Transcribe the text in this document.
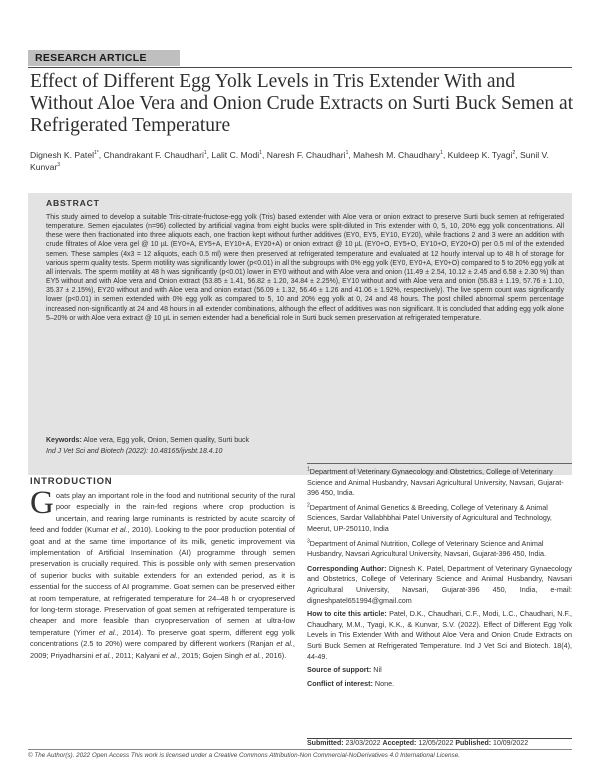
RESEARCH ARTICLE
Effect of Different Egg Yolk Levels in Tris Extender With and Without Aloe Vera and Onion Crude Extracts on Surti Buck Semen at Refrigerated Temperature
Dignesh K. Patel$^{1*}$, Chandrakant F. Chaudhari$^1$, Lalit C. Modi$^1$, Naresh F. Chaudhari$^1$, Mahesh M. Chaudhary$^1$, Kuldeep K. Tyagi$^2$, Sunil V. Kunvar$^3$
ABSTRACT
This study aimed to develop a suitable Tris-citrate-fructose-egg yolk (Tris) based extender with Aloe vera or onion extract to preserve Surti buck semen at refrigerated temperature. Semen ejaculates (n=96) collected by artificial vagina from eight bucks were split-diluted in Tris extender with 0, 5, 10, 20% egg yolk concentrations. All these were then fractionated into three aliquots each, one fraction kept without further additives (EY0, EY5, EY10, EY20), while fractions 2 and 3 were an addition with crude filtrates of Aloe vera gel @ 10 µL (EY0+A, EY5+A, EY10+A, EY20+A) or onion extract @ 10 µL (EY0+O, EY5+O, EY10+O, EY20+O) per 0.5 ml of the extended semen. These samples (4x3 = 12 aliquots, each 0.5 ml) were then preserved at refrigerated temperature and evaluated at 12 hourly interval up to 48 h of storage for various sperm quality tests. Sperm motility was significantly lower (p<0.01) in all the subgroups with 0% egg yolk (EY0, EY0+A, EY0+O) compared to 5 to 20% egg yolk at all intervals. The sperm motility at 48 h was significantly (p<0.01) lower in EY0 without and with Aloe vera and onion (11.49 ± 2.54, 10.12 ± 2.45 and 6.58 ± 2.30 %) than EY5 without and with Aloe vera and Onion extract (53.85 ± 1.41, 56.82 ± 1.20, 34.84 ± 2.25%), EY10 without and with Aloe vera and onion (55.83 ± 1.19, 57.76 ± 1.10, 35.37 ± 2.15%), EY20 without and with Aloe vera and onion extact (56.09 ± 1.32, 56.46 ± 1.26 and 41.06 ± 1.92%, respectively). The live sperm count was significantly lower (p<0.01) in semen extended with 0% egg yolk as compared to 5, 10 and 20% egg yolk at 0, 24 and 48 hours. The post chilled abnormal sperm percentage increased non-significantly at 24 and 48 hours in all extender combinations, although the effect of additives was non significant. It is concluded that adding egg yolk alone 5–20% or with Aloe vera extract @ 10 µL in semen extender had a beneficial role in Surti buck semen preservation at refrigerated temperature.
Keywords: Aloe vera, Egg yolk, Onion, Semen quality, Surti buck
Ind J Vet Sci and Biotech (2022): 10.48165/ijvsbt.18.4.10
INTRODUCTION
Goats play an important role in the food and nutritional security of the rural poor especially in the rain-fed regions where crop production is uncertain, and rearing large ruminants is restricted by acute scarcity of feed and fodder (Kumar et al., 2010). Looking to the poor production potential of goat and at the same time importance of its milk, genetic improvement via implementation of Artificial Insemination (AI) programme through semen preservation is crucially required. This is possible only with semen preservation of superior bucks with suitable extenders for an extended period, as it is essential for the success of AI programme. Goat semen can be preserved either at room temperature, at refrigerated temperature for 24–48 h or cryopreserved for long-term storage. Preservation of goat semen at refrigerated temperature is cheaper and more feasible than cryopreservation of semen at ultra-low temperature (Yimer et al., 2014). To preserve goat sperm, different egg yolk concentrations (2.5 to 20%) were compared by different workers (Ranjan et al., 2009; Priyadharsini et al., 2011; Kalyani et al., 2015; Gojen Singh et al., 2016).
$^1$Department of Veterinary Gynaecology and Obstetrics, College of Veterinary Science and Animal Husbandry, Navsari Agricultural University, Navsari, Gujarat-396 450, India.
$^2$Department of Animal Genetics & Breeding, College of Veterinary & Animal Sciences, Sardar Vallabhbhai Patel University of Agricultural and Technology, Meerut, UP-250110, India
$^3$Department of Animal Nutrition, College of Veterinary Science and Animal Husbandry, Navsari Agricultural University, Navsari, Gujarat-396 450, India.
Corresponding Author: Dignesh K. Patel, Department of Veterinary Gynaecology and Obstetrics, College of Veterinary Science and Animal Husbandry, Navsari Agricultural University, Navsari, Gujarat-396 450, India, e-mail: digneshpatel651994@gmail.com
How to cite this article: Patel, D.K., Chaudhari, C.F., Modi, L.C., Chaudhari, N.F., Chaudhary, M.M., Tyagi, K.K., & Kunvar, S.V. (2022). Effect of Different Egg Yolk Levels in Tris Extender With and Without Aloe Vera and Onion Crude Extracts on Surti Buck Semen at Refrigerated Temperature. Ind J Vet Sci and Biotech. 18(4), 44-49.
Source of support: Nil
Conflict of interest: None.
Submitted: 23/03/2022 Accepted: 12/05/2022 Published: 10/09/2022
© The Author(s). 2022 Open Access This work is licensed under a Creative Commons Attribution-Non Commercial-NoDerivatives 4.0 International License.
